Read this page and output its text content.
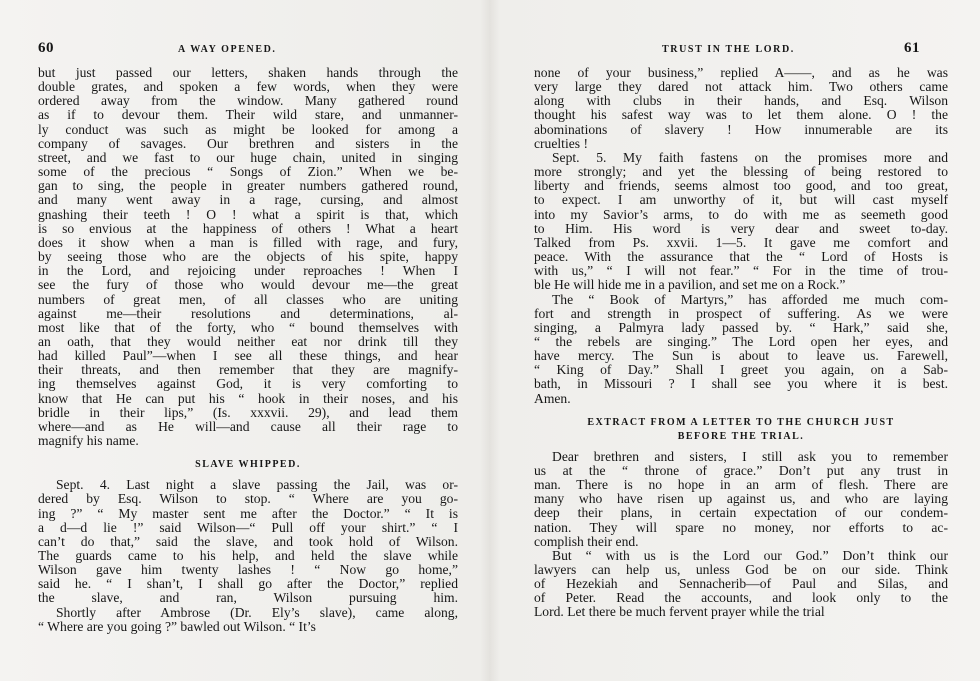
60	A WAY OPENED.
but just passed our letters, shaken hands through the
double grates, and spoken a few words, when they were
ordered away from the window. Many gathered round
as if to devour them. Their wild stare, and unmanner-
ly conduct was such as might be looked for among a
company of savages. Our brethren and sisters in the
street, and we fast to our huge chain, united in singing
some of the precious “ Songs of Zion.” When we be-
gan to sing, the people in greater numbers gathered round,
and many went away in a rage, cursing, and almost
gnashing their teeth ! O ! what a spirit is that, which
is so envious at the happiness of others ! What a heart
does it show when a man is filled with rage, and fury,
by seeing those who are the objects of his spite, happy
in the Lord, and rejoicing under reproaches ! When I
see the fury of those who would devour me—the great
numbers of great men, of all classes who are uniting
against me—their resolutions and determinations, al-
most like that of the forty, who “ bound themselves with
an oath, that they would neither eat nor drink till they
had killed Paul”—when I see all these things, and hear
their threats, and then remember that they are magnify-
ing themselves against God, it is very comforting to
know that He can put his “ hook in their noses, and his
bridle in their lips,” (Is. xxxvii. 29), and lead them
where—and as He will—and cause all their rage to
magnify his name.
SLAVE WHIPPED.
Sept. 4. Last night a slave passing the Jail, was or-
dered by Esq. Wilson to stop. “ Where are you go-
ing ?” “ My master sent me after the Doctor.” “ It is
a d—d lie !” said Wilson—“ Pull off your shirt.” “ I
can’t do that,” said the slave, and took hold of Wilson.
The guards came to his help, and held the slave while
Wilson gave him twenty lashes ! “ Now go home,”
said he. “ I shan’t, I shall go after the Doctor,” replied
the slave, and ran, Wilson pursuing him.
Shortly after Ambrose (Dr. Ely’s slave), came along,
“ Where are you going ?” bawled out Wilson. “ It’s
TRUST IN THE LORD.	61
none of your business,” replied A——, and as he was
very large they dared not attack him. Two others came
along with clubs in their hands, and Esq. Wilson
thought his safest way was to let them alone. O ! the
abominations of slavery ! How innumerable are its
cruelties !
Sept. 5. My faith fastens on the promises more and
more strongly; and yet the blessing of being restored to
liberty and friends, seems almost too good, and too great,
to expect. I am unworthy of it, but will cast myself
into my Savior’s arms, to do with me as seemeth good
to Him. His word is very dear and sweet to-day.
Talked from Ps. xxvii. 1—5. It gave me comfort and
peace. With the assurance that the “ Lord of Hosts is
with us,” “ I will not fear.” “ For in the time of trou-
ble He will hide me in a pavilion, and set me on a Rock.”
The “ Book of Martyrs,” has afforded me much com-
fort and strength in prospect of suffering. As we were
singing, a Palmyra lady passed by. “ Hark,” said she,
“ the rebels are singing.” The Lord open her eyes, and
have mercy. The Sun is about to leave us. Farewell,
“ King of Day.” Shall I greet you again, on a Sab-
bath, in Missouri ? I shall see you where it is best.
Amen.
EXTRACT FROM A LETTER TO THE CHURCH JUST
BEFORE THE TRIAL.
Dear brethren and sisters, I still ask you to remember
us at the “ throne of grace.” Don’t put any trust in
man. There is no hope in an arm of flesh. There are
many who have risen up against us, and who are laying
deep their plans, in certain expectation of our condem-
nation. They will spare no money, nor efforts to ac-
complish their end.
But “ with us is the Lord our God.” Don’t think our
lawyers can help us, unless God be on our side. Think
of Hezekiah and Sennacherib—of Paul and Silas, and
of Peter. Read the accounts, and look only to the
Lord. Let there be much fervent prayer while the trial
